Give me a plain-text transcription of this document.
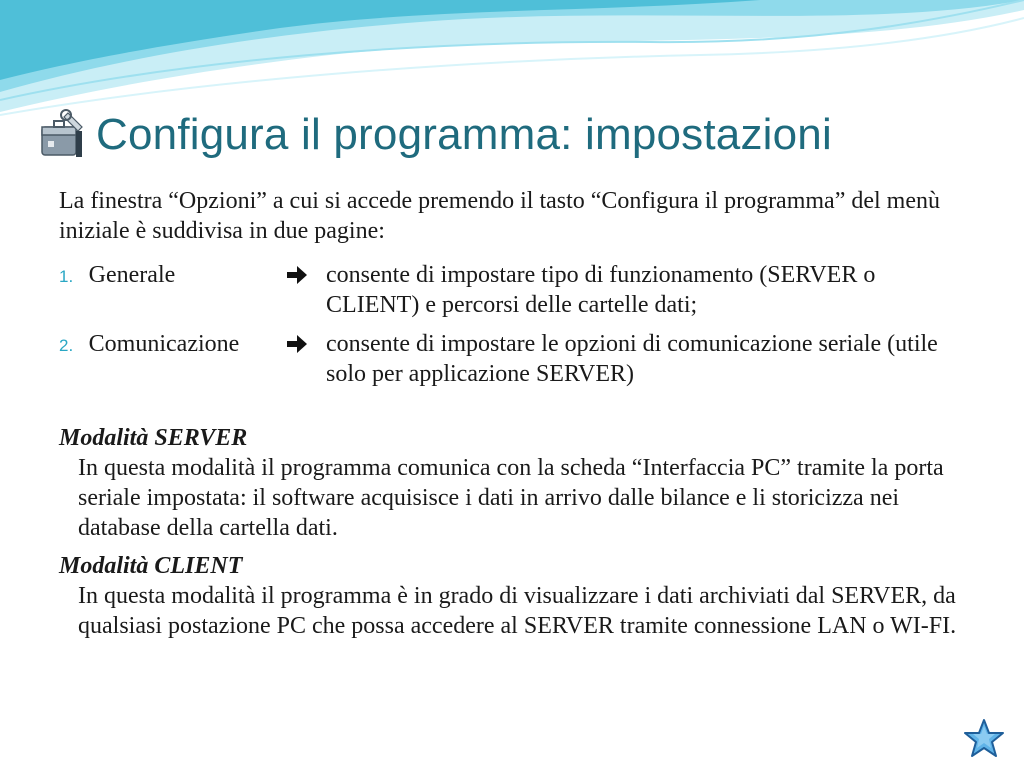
Configura il programma: impostazioni

La finestra “Opzioni” a cui si accede premendo il tasto “Configura il programma” del menù iniziale è suddivisa in due pagine:

1. Generale	consente di impostare tipo di funzionamento (SERVER o CLIENT) e percorsi delle cartelle dati;
2. Comunicazione	consente di impostare le opzioni di comunicazione seriale (utile solo per applicazione SERVER)
Modalità SERVER
In questa modalità il programma comunica con la scheda “Interfaccia PC” tramite la porta seriale impostata: il software acquisisce i dati in arrivo dalle bilance e li storicizza nei database della cartella dati.
Modalità CLIENT
In questa modalità il programma è in grado di visualizzare i dati archiviati dal SERVER, da qualsiasi postazione PC che possa accedere al SERVER tramite connessione LAN o WI-FI.
